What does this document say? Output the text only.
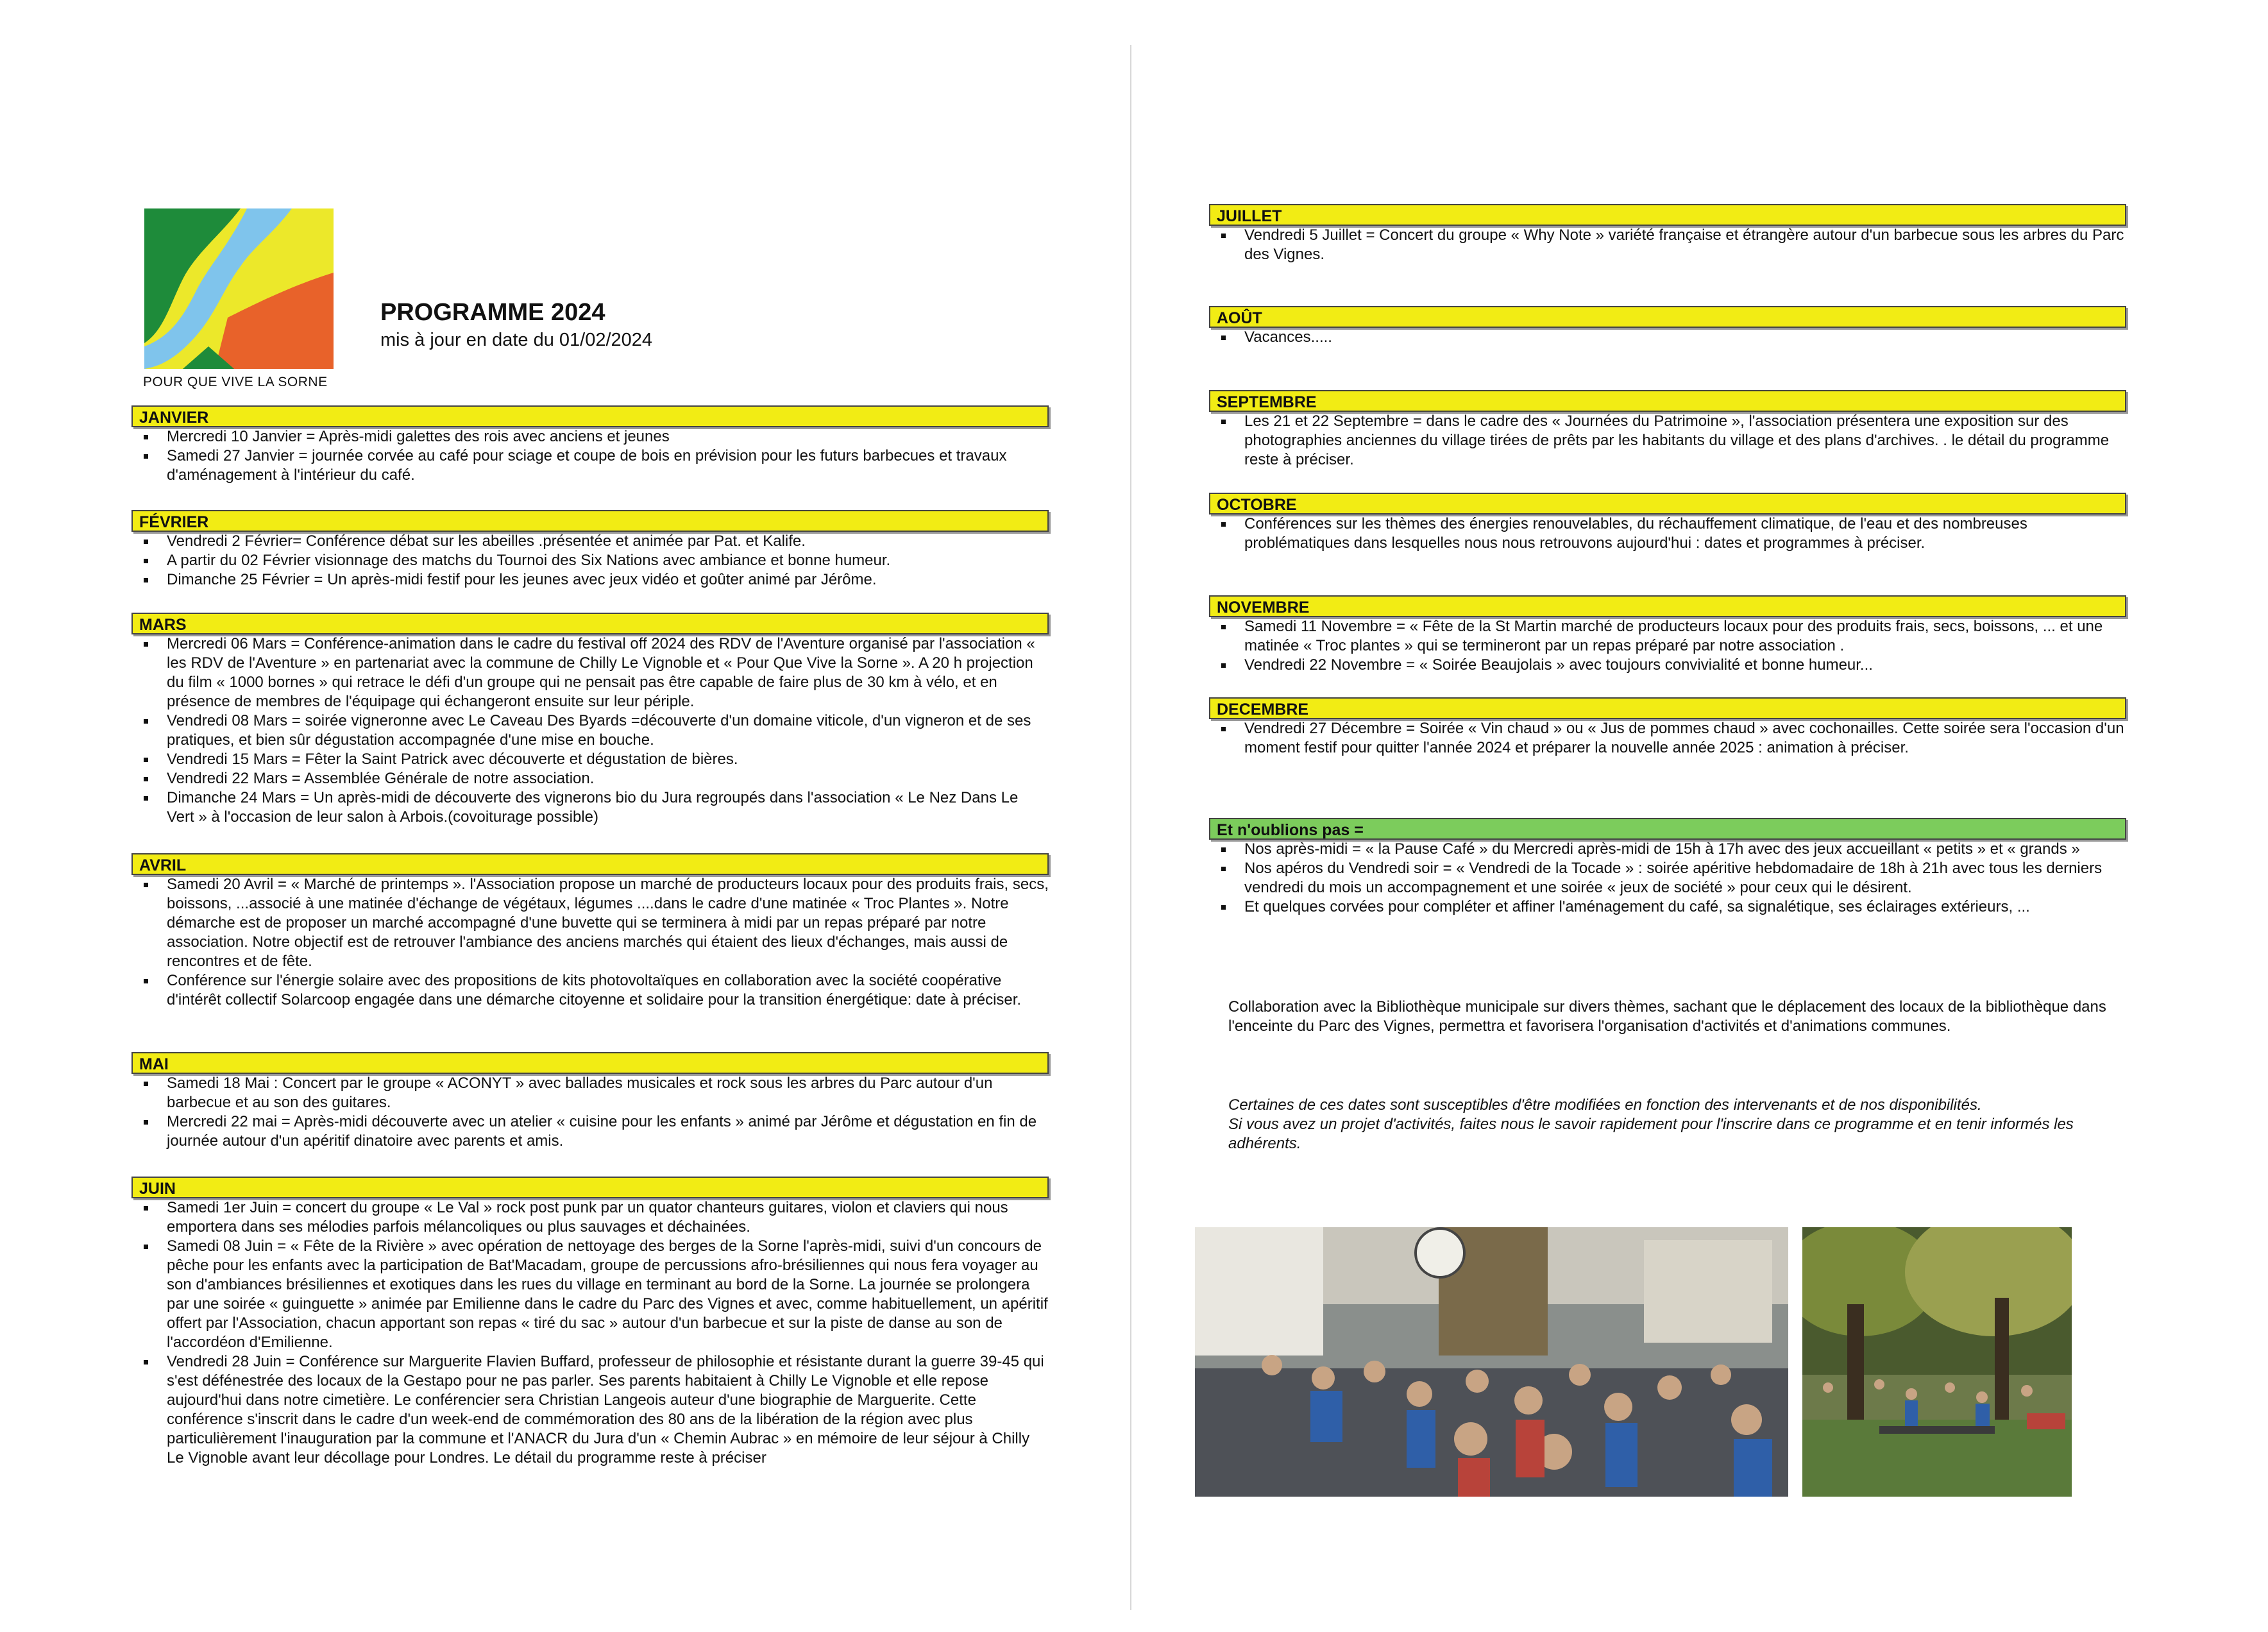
POUR QUE VIVE LA SORNE
PROGRAMME 2024
mis à jour en date du 01/02/2024
JANVIER
Mercredi 10 Janvier = Après-midi galettes des rois avec anciens et jeunes
Samedi 27 Janvier = journée corvée au café pour sciage et coupe de bois en prévision pour les futurs barbecues et travaux d'aménagement à l'intérieur du café.
FÉVRIER
Vendredi 2 Février= Conférence débat sur les abeilles .présentée et animée par Pat. et Kalife.
A partir du 02 Février visionnage des matchs du Tournoi des Six Nations avec ambiance et bonne humeur.
Dimanche 25 Février = Un après-midi festif pour les jeunes avec jeux vidéo et goûter animé par Jérôme.
MARS
Mercredi 06 Mars = Conférence-animation dans le cadre du festival off 2024 des RDV de l'Aventure organisé par l'association « les RDV de l'Aventure » en partenariat avec la commune de Chilly Le Vignoble et « Pour Que Vive la Sorne ». A 20 h projection du film « 1000 bornes » qui retrace le défi d'un groupe qui ne pensait pas être capable de faire plus de 30 km à vélo, et en présence de membres de l'équipage qui échangeront ensuite sur leur périple.
Vendredi 08 Mars = soirée vigneronne avec Le Caveau Des Byards =découverte d'un domaine viticole, d'un vigneron et de ses pratiques, et bien sûr dégustation accompagnée d'une mise en bouche.
Vendredi 15 Mars = Fêter la Saint Patrick avec découverte et dégustation de bières.
Vendredi 22 Mars = Assemblée Générale de notre association.
Dimanche 24 Mars = Un après-midi de découverte des vignerons bio du Jura regroupés dans l'association « Le Nez Dans Le Vert » à l'occasion de leur salon à Arbois.(covoiturage possible)
AVRIL
Samedi 20 Avril = « Marché de printemps ». l'Association propose un marché de producteurs locaux pour des produits frais, secs, boissons, ...associé à une matinée d'échange de végétaux, légumes ....dans le cadre d'une matinée « Troc Plantes ». Notre démarche est de proposer un marché accompagné d'une buvette qui se terminera à midi par un repas préparé par notre association. Notre objectif est de retrouver l'ambiance des anciens marchés qui étaient des lieux d'échanges, mais aussi de rencontres et de fête.
Conférence sur l'énergie solaire avec des propositions de kits photovoltaïques en collaboration avec la société coopérative d'intérêt collectif Solarcoop engagée dans une démarche citoyenne et solidaire pour la transition énergétique: date à préciser.
MAI
Samedi 18 Mai : Concert par le groupe « ACONYT » avec ballades musicales et rock sous les arbres du Parc autour d'un barbecue et au son des guitares.
Mercredi 22 mai = Après-midi découverte avec un atelier « cuisine pour les enfants » animé par Jérôme et dégustation en fin de journée autour d'un apéritif dinatoire avec parents et amis.
JUIN
Samedi 1er Juin = concert du groupe « Le Val » rock post punk par un quator chanteurs guitares, violon et claviers qui nous emportera dans ses mélodies parfois mélancoliques ou plus sauvages et déchainées.
Samedi 08 Juin = « Fête de la Rivière » avec opération de nettoyage des berges de la Sorne l'après-midi, suivi d'un concours de pêche pour les enfants avec la participation de Bat'Macadam, groupe de percussions afro-brésiliennes qui nous fera voyager au son d'ambiances brésiliennes et exotiques dans les rues du village en terminant au bord de la Sorne. La journée se prolongera par une soirée « guinguette » animée par Emilienne dans le cadre du Parc des Vignes et avec, comme habituellement, un apéritif offert par l'Association, chacun apportant son repas « tiré du sac » autour d'un barbecue et sur la piste de danse au son de l'accordéon d'Emilienne.
Vendredi 28 Juin = Conférence sur Marguerite Flavien Buffard, professeur de philosophie et résistante durant la guerre 39-45 qui s'est défénestrée des locaux de la Gestapo pour ne pas parler. Ses parents habitaient à Chilly Le Vignoble et elle repose aujourd'hui dans notre cimetière. Le conférencier sera Christian Langeois auteur d'une biographie de Marguerite. Cette conférence s'inscrit dans le cadre d'un week-end de commémoration des 80 ans de la libération de la région avec plus particulièrement l'inauguration par la commune et l'ANACR du Jura d'un « Chemin Aubrac » en mémoire de leur séjour à Chilly Le Vignoble avant leur décollage pour Londres. Le détail du programme reste à préciser
JUILLET
Vendredi 5 Juillet = Concert du groupe « Why Note » variété française et étrangère autour d'un barbecue sous les arbres du Parc des Vignes.
AOÛT
Vacances.....
SEPTEMBRE
Les 21 et 22 Septembre = dans le cadre des « Journées du Patrimoine », l'association présentera une exposition sur des photographies anciennes du village tirées de prêts par les habitants du village et des plans d'archives. . le détail du programme reste à préciser.
OCTOBRE
Conférences sur les thèmes des énergies renouvelables, du réchauffement climatique, de l'eau et des nombreuses problématiques dans lesquelles nous nous retrouvons aujourd'hui : dates et programmes à préciser.
NOVEMBRE
Samedi 11 Novembre = « Fête de la St Martin marché de producteurs locaux pour des produits frais, secs, boissons, ... et une matinée « Troc plantes » qui se termineront par un repas préparé par notre association .
Vendredi 22 Novembre = « Soirée Beaujolais » avec toujours convivialité et bonne humeur...
DECEMBRE
Vendredi 27 Décembre = Soirée « Vin chaud » ou « Jus de pommes chaud » avec cochonailles. Cette soirée sera l'occasion d'un moment festif pour quitter l'année 2024 et préparer la nouvelle année 2025 : animation à préciser.
Et n'oublions pas =
Nos après-midi = « la Pause Café » du Mercredi après-midi de 15h à 17h avec des jeux accueillant « petits » et « grands »
Nos apéros du Vendredi soir = « Vendredi de la Tocade » : soirée apéritive hebdomadaire de 18h à 21h avec tous les derniers vendredi du mois un accompagnement et une soirée « jeux de société » pour ceux qui le désirent.
Et quelques corvées pour compléter et affiner l'aménagement du café, sa signalétique, ses éclairages extérieurs, ...
Collaboration avec la Bibliothèque municipale sur divers thèmes, sachant que le déplacement des locaux de la bibliothèque dans l'enceinte du Parc des Vignes, permettra et favorisera l'organisation d'activités et d'animations communes.
Certaines de ces dates sont susceptibles d'être modifiées en fonction des intervenants et de nos disponibilités.
Si vous avez un projet d'activités, faites nous le savoir rapidement pour l'inscrire dans ce programme et en tenir informés les adhérents.
